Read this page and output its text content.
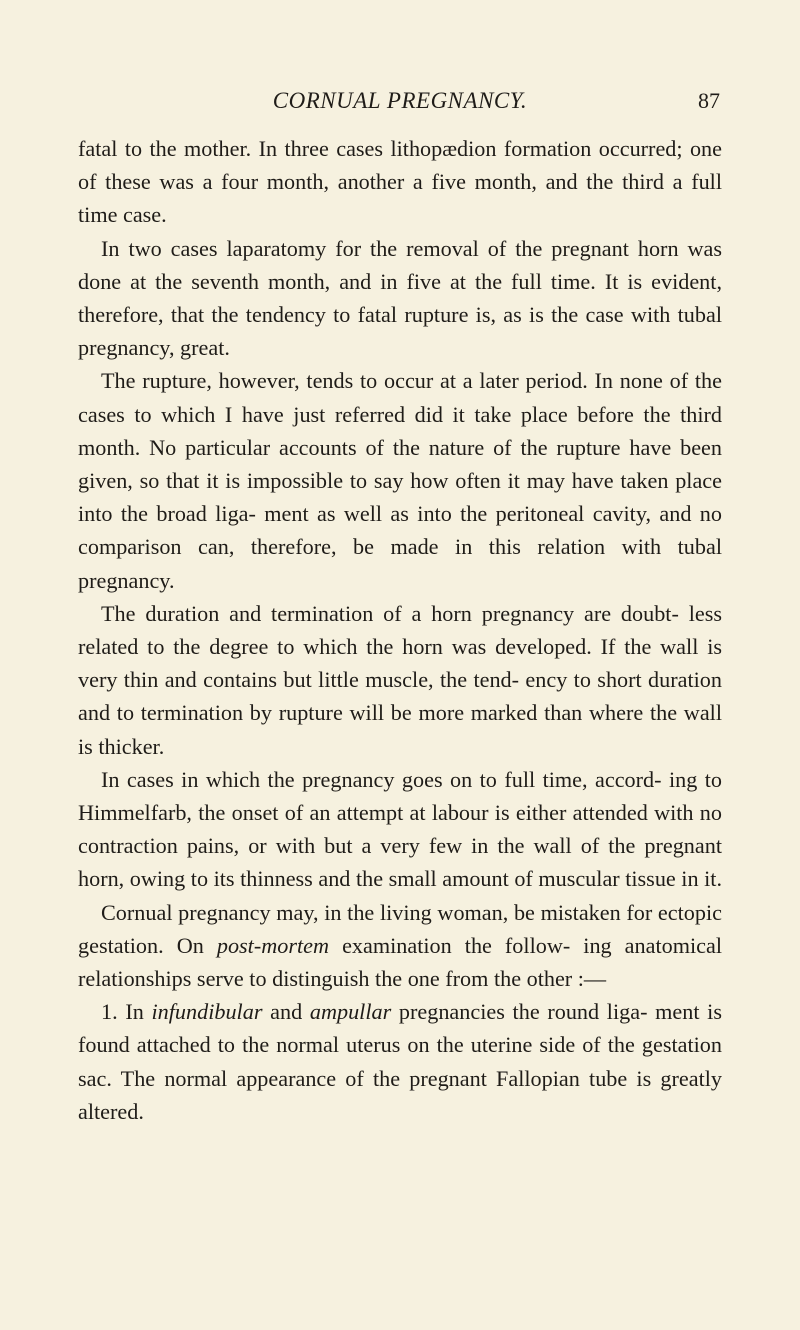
CORNUAL PREGNANCY.	87

fatal to the mother. In three cases lithopædion formation occurred; one of these was a four month, another a five month, and the third a full time case.

In two cases laparatomy for the removal of the pregnant horn was done at the seventh month, and in five at the full time. It is evident, therefore, that the tendency to fatal rupture is, as is the case with tubal pregnancy, great.

The rupture, however, tends to occur at a later period. In none of the cases to which I have just referred did it take place before the third month. No particular accounts of the nature of the rupture have been given, so that it is impossible to say how often it may have taken place into the broad liga- ment as well as into the peritoneal cavity, and no comparison can, therefore, be made in this relation with tubal pregnancy.

The duration and termination of a horn pregnancy are doubt- less related to the degree to which the horn was developed. If the wall is very thin and contains but little muscle, the tend- ency to short duration and to termination by rupture will be more marked than where the wall is thicker.

In cases in which the pregnancy goes on to full time, accord- ing to Himmelfarb, the onset of an attempt at labour is either attended with no contraction pains, or with but a very few in the wall of the pregnant horn, owing to its thinness and the small amount of muscular tissue in it.

Cornual pregnancy may, in the living woman, be mistaken for ectopic gestation. On post-mortem examination the follow- ing anatomical relationships serve to distinguish the one from the other :—

1. In infundibular and ampullar pregnancies the round liga- ment is found attached to the normal uterus on the uterine side of the gestation sac. The normal appearance of the pregnant Fallopian tube is greatly altered.
